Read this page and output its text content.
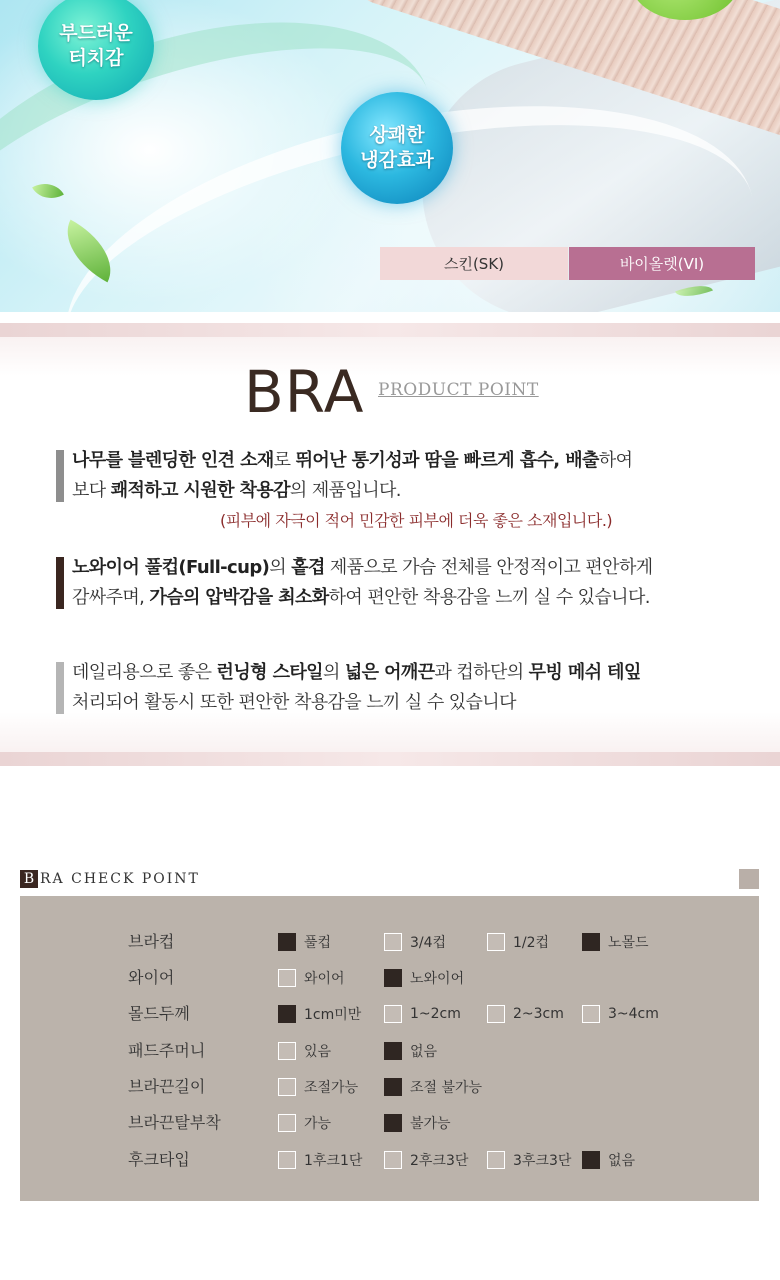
부드러운
터치감
상쾌한
냉감효과
스킨(SK)	바이올렛(VI)
BRA PRODUCT POINT
나무를 블렌딩한 인견 소재로 뛰어난 통기성과 땀을 빠르게 흡수, 배출하여
보다 쾌적하고 시원한 착용감의 제품입니다.
(피부에 자극이 적어 민감한 피부에 더욱 좋은 소재입니다.)
노와이어 풀컵(Full-cup)의 홑겹 제품으로 가슴 전체를 안정적이고 편안하게
감싸주며, 가슴의 압박감을 최소화하여 편안한 착용감을 느끼 실 수 있습니다.
데일리용으로 좋은 런닝형 스타일의 넓은 어깨끈과 컵하단의 무빙 메쉬 테잎
처리되어 활동시 또한 편안한 착용감을 느끼 실 수 있습니다
B RA CHECK POINT
브라컵	풀컵	3/4컵	1/2컵	노몰드
와이어	와이어	노와이어
몰드두께	1cm미만	1~2cm	2~3cm	3~4cm
패드주머니	있음	없음
브라끈길이	조절가능	조절 불가능
브라끈탈부착	가능	불가능
후크타입	1후크1단	2후크3단	3후크3단	없음
